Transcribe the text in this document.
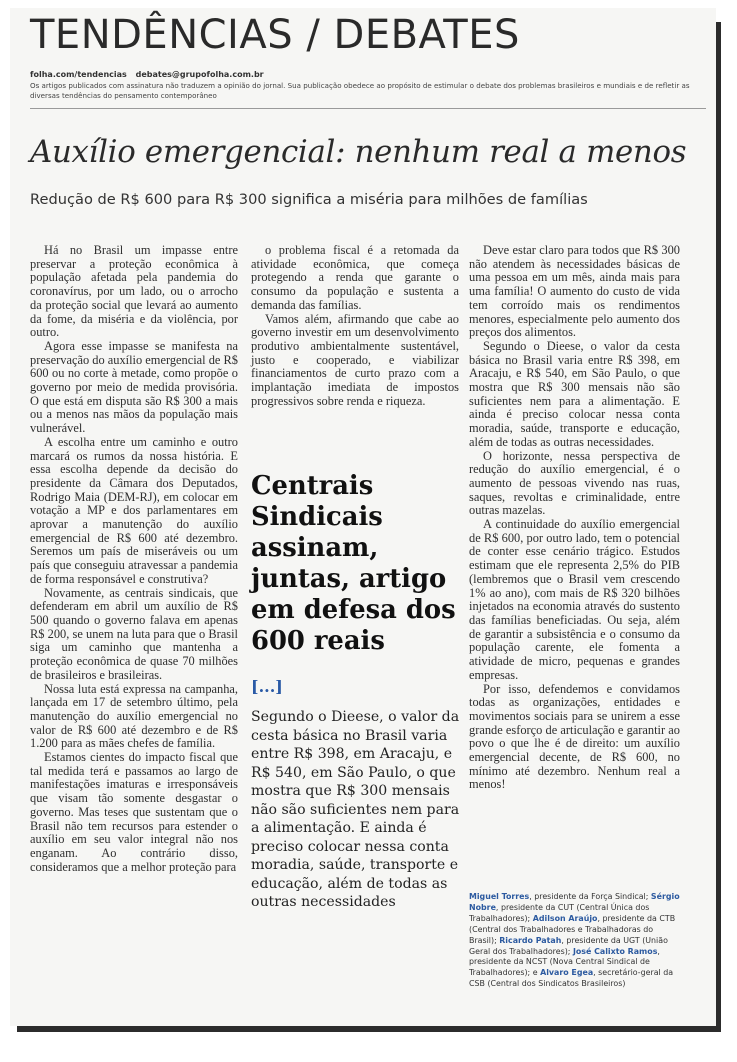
TENDÊNCIAS / DEBATES
folha.com/tendencias debates@grupofolha.com.br
Os artigos publicados com assinatura não traduzem a opinião do jornal. Sua publicação obedece ao propósito de estimular o debate dos problemas brasileiros e mundiais e de refletir as diversas tendências do pensamento contemporâneo
Auxílio emergencial: nenhum real a menos
Redução de R$ 600 para R$ 300 significa a miséria para milhões de famílias

Há no Brasil um impasse entre preservar a proteção econômica à população afetada pela pandemia do coronavírus, por um lado, ou o arrocho da proteção social que levará ao aumento da fome, da miséria e da violência, por outro.

Agora esse impasse se manifesta na preservação do auxílio emergencial de R$ 600 ou no corte à metade, como propõe o governo por meio de medida provisória. O que está em disputa são R$ 300 a mais ou a menos nas mãos da população mais vulnerável.

A escolha entre um caminho e outro marcará os rumos da nossa história. E essa escolha depende da decisão do presidente da Câmara dos Deputados, Rodrigo Maia (DEM-RJ), em colocar em votação a MP e dos parlamentares em aprovar a manutenção do auxílio emergencial de R$ 600 até dezembro. Seremos um país de miseráveis ou um país que conseguiu atravessar a pandemia de forma responsável e construtiva?

Novamente, as centrais sindicais, que defenderam em abril um auxílio de R$ 500 quando o governo falava em apenas R$ 200, se unem na luta para que o Brasil siga um caminho que mantenha a proteção econômica de quase 70 milhões de brasileiros e brasileiras.

Nossa luta está expressa na campanha, lançada em 17 de setembro último, pela manutenção do auxílio emergencial no valor de R$ 600 até dezembro e de R$ 1.200 para as mães chefes de família.

Estamos cientes do impacto fiscal que tal medida terá e passamos ao largo de manifestações imaturas e irresponsáveis que visam tão somente desgastar o governo. Mas teses que sustentam que o Brasil não tem recursos para estender o auxílio em seu valor integral não nos enganam. Ao contrário disso, consideramos que a melhor proteção para

o problema fiscal é a retomada da atividade econômica, que começa protegendo a renda que garante o consumo da população e sustenta a demanda das famílias.

Vamos além, afirmando que cabe ao governo investir em um desenvolvimento produtivo ambientalmente sustentável, justo e cooperado, e viabilizar financiamentos de curto prazo com a implantação imediata de impostos progressivos sobre renda e riqueza.

Centrais Sindicais assinam, juntas, artigo em defesa dos 600 reais

[...]

Segundo o Dieese, o valor da cesta básica no Brasil varia entre R$ 398, em Aracaju, e R$ 540, em São Paulo, o que mostra que R$ 300 mensais não são suficientes nem para a alimentação. E ainda é preciso colocar nessa conta moradia, saúde, transporte e educação, além de todas as outras necessidades

Deve estar claro para todos que R$ 300 não atendem às necessidades básicas de uma pessoa em um mês, ainda mais para uma família! O aumento do custo de vida tem corroído mais os rendimentos menores, especialmente pelo aumento dos preços dos alimentos.

Segundo o Dieese, o valor da cesta básica no Brasil varia entre R$ 398, em Aracaju, e R$ 540, em São Paulo, o que mostra que R$ 300 mensais não são suficientes nem para a alimentação. E ainda é preciso colocar nessa conta moradia, saúde, transporte e educação, além de todas as outras necessidades.

O horizonte, nessa perspectiva de redução do auxílio emergencial, é o aumento de pessoas vivendo nas ruas, saques, revoltas e criminalidade, entre outras mazelas.

A continuidade do auxílio emergencial de R$ 600, por outro lado, tem o potencial de conter esse cenário trágico. Estudos estimam que ele representa 2,5% do PIB (lembremos que o Brasil vem crescendo 1% ao ano), com mais de R$ 320 bilhões injetados na economia através do sustento das famílias beneficiadas. Ou seja, além de garantir a subsistência e o consumo da população carente, ele fomenta a atividade de micro, pequenas e grandes empresas.

Por isso, defendemos e convidamos todas as organizações, entidades e movimentos sociais para se unirem a esse grande esforço de articulação e garantir ao povo o que lhe é de direito: um auxílio emergencial decente, de R$ 600, no mínimo até dezembro. Nenhum real a menos!

Miguel Torres, presidente da Força Sindical; Sérgio Nobre, presidente da CUT (Central Única dos Trabalhadores); Adilson Araújo, presidente da CTB (Central dos Trabalhadores e Trabalhadoras do Brasil); Ricardo Patah, presidente da UGT (União Geral dos Trabalhadores); José Calixto Ramos, presidente da NCST (Nova Central Sindical de Trabalhadores); e Alvaro Egea, secretário-geral da CSB (Central dos Sindicatos Brasileiros)
